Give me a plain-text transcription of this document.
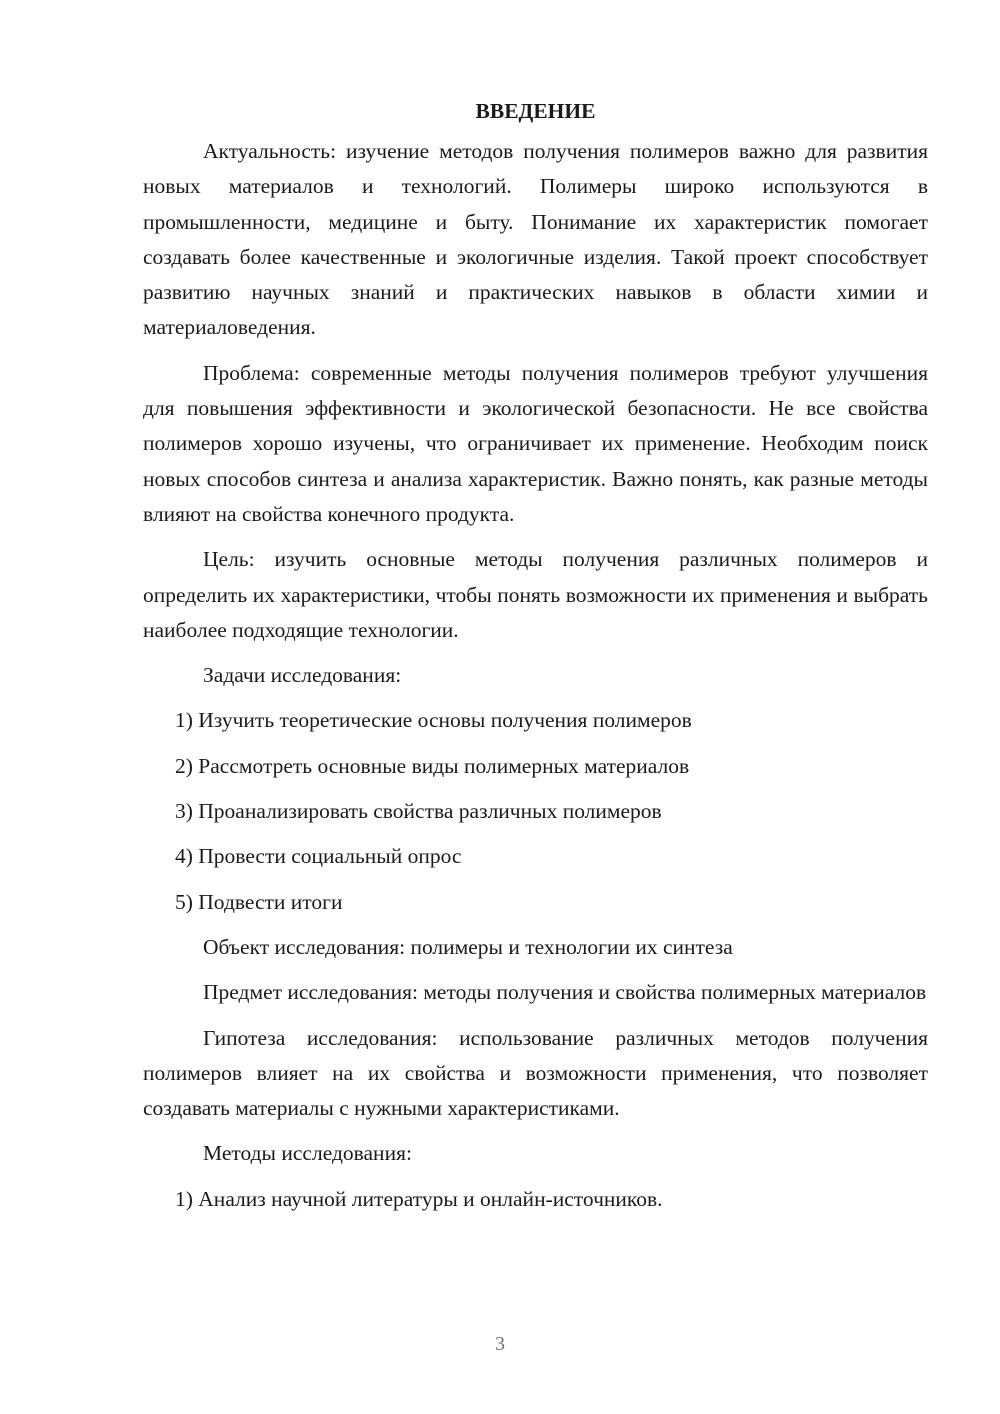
ВВЕДЕНИЕ

Актуальность: изучение методов получения полимеров важно для развития новых материалов и технологий. Полимеры широко используются в промышленности, медицине и быту. Понимание их характеристик помогает создавать более качественные и экологичные изделия. Такой проект способствует развитию научных знаний и практических навыков в области химии и материаловедения.

Проблема: современные методы получения полимеров требуют улучшения для повышения эффективности и экологической безопасности. Не все свойства полимеров хорошо изучены, что ограничивает их применение. Необходим поиск новых способов синтеза и анализа характеристик. Важно понять, как разные методы влияют на свойства конечного продукта.

Цель: изучить основные методы получения различных полимеров и определить их характеристики, чтобы понять возможности их применения и выбрать наиболее подходящие технологии.

Задачи исследования:

1) Изучить теоретические основы получения полимеров

2) Рассмотреть основные виды полимерных материалов

3) Проанализировать свойства различных полимеров

4) Провести социальный опрос

5) Подвести итоги

Объект исследования: полимеры и технологии их синтеза

Предмет исследования: методы получения и свойства полимерных материалов

Гипотеза исследования: использование различных методов получения полимеров влияет на их свойства и возможности применения, что позволяет создавать материалы с нужными характеристиками.

Методы исследования:

1) Анализ научной литературы и онлайн-источников.

3
